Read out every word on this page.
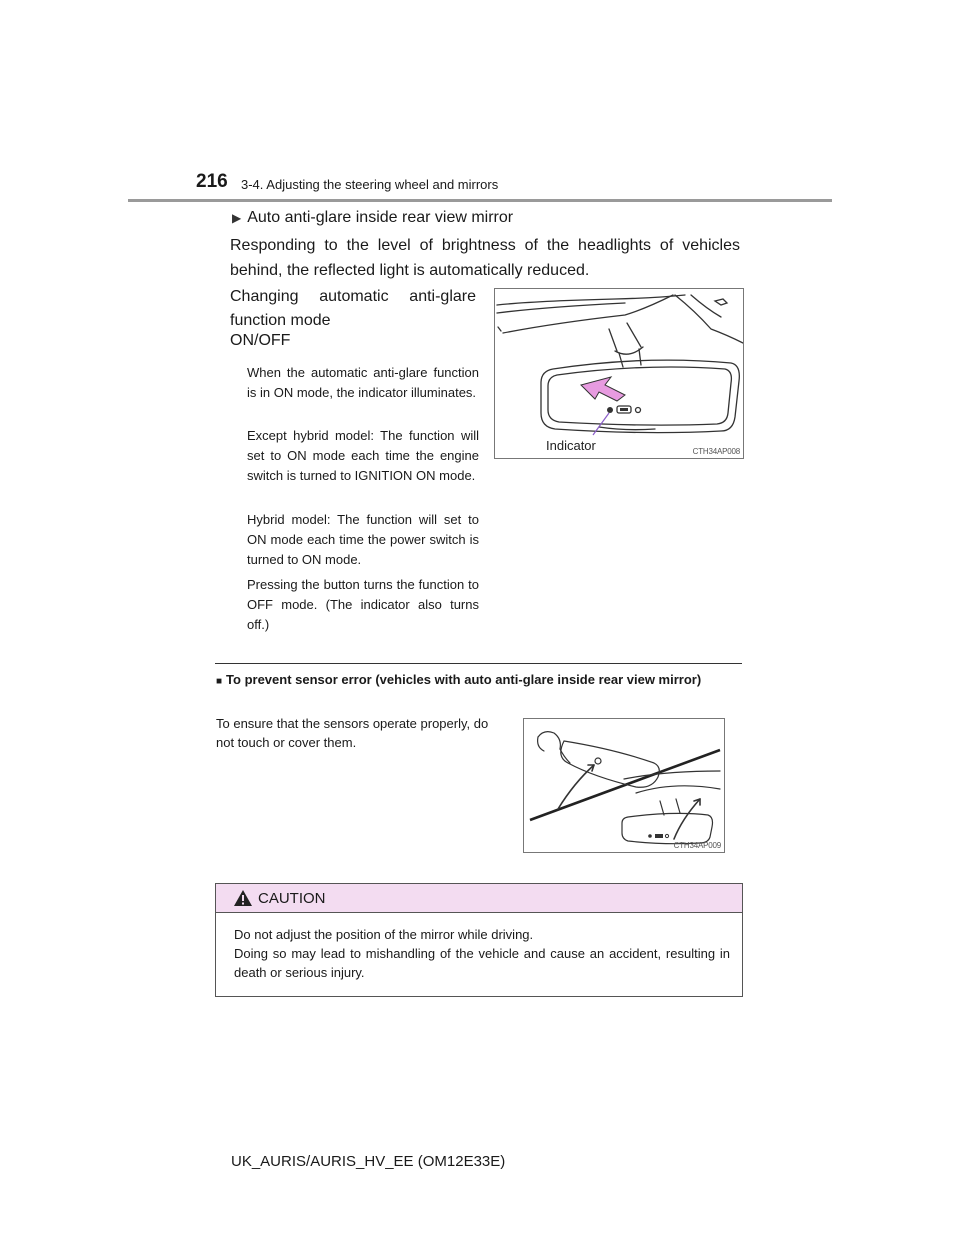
216 3-4. Adjusting the steering wheel and mirrors
▶ Auto anti-glare inside rear view mirror
Responding to the level of brightness of the headlights of vehicles behind, the reflected light is automatically reduced.
Changing automatic anti-glare function mode
ON/OFF
When the automatic anti-glare function is in ON mode, the indicator illuminates.
Except hybrid model: The function will set to ON mode each time the engine switch is turned to IGNITION ON mode.
Hybrid model: The function will set to ON mode each time the power switch is turned to ON mode.
Pressing the button turns the function to OFF mode. (The indicator also turns off.)
Indicator	CTH34AP008
■ To prevent sensor error (vehicles with auto anti-glare inside rear view mirror)
To ensure that the sensors operate properly, do not touch or cover them.
CTH34AP009
CAUTION
Do not adjust the position of the mirror while driving.
Doing so may lead to mishandling of the vehicle and cause an accident, resulting in death or serious injury.
UK_AURIS/AURIS_HV_EE (OM12E33E)
